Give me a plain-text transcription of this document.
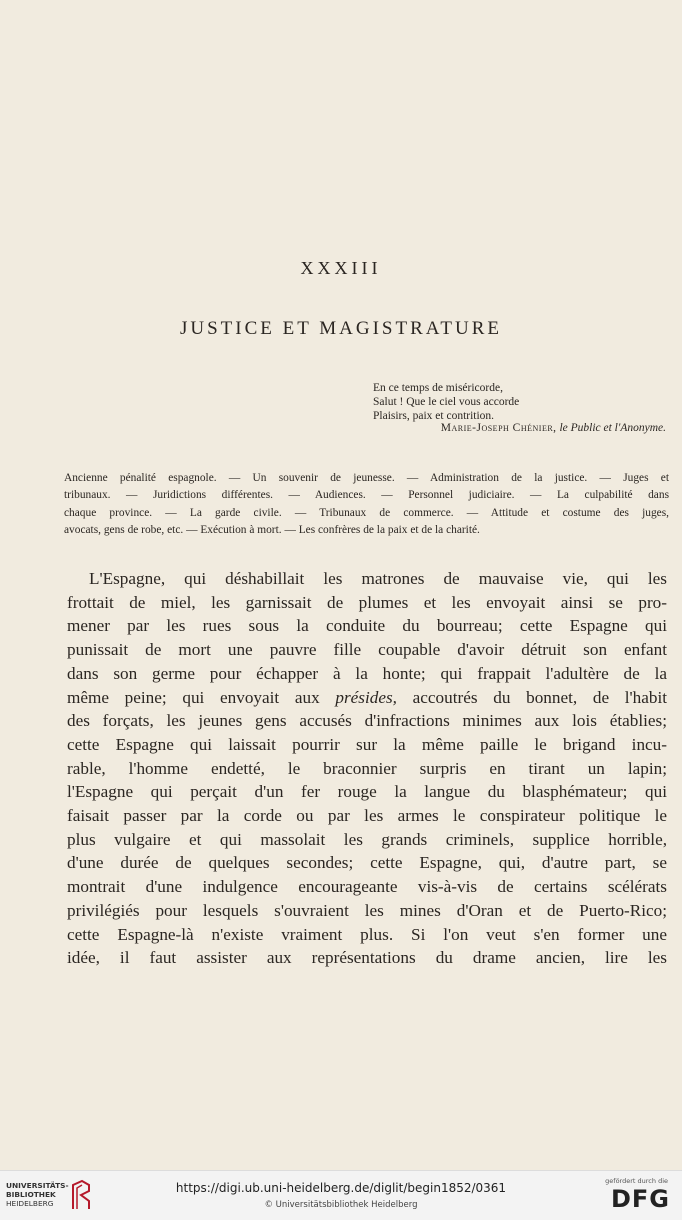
XXXIII
JUSTICE ET MAGISTRATURE
En ce temps de miséricorde,
Salut ! Que le ciel vous accorde
Plaisirs, paix et contrition.
Marie-Joseph Chénier, le Public et l'Anonyme.
Ancienne pénalité espagnole. — Un souvenir de jeunesse. — Administration de la justice. — Juges et
tribunaux. — Juridictions différentes. — Audiences. — Personnel judiciaire. — La culpabilité dans
chaque province. — La garde civile. — Tribunaux de commerce. — Attitude et costume des juges,
avocats, gens de robe, etc. — Exécution à mort. — Les confrères de la paix et de la charité.
L'Espagne, qui déshabillait les matrones de mauvaise vie, qui les
frottait de miel, les garnissait de plumes et les envoyait ainsi se pro-
mener par les rues sous la conduite du bourreau; cette Espagne qui
punissait de mort une pauvre fille coupable d'avoir détruit son enfant
dans son germe pour échapper à la honte; qui frappait l'adultère de la
même peine; qui envoyait aux présides, accoutrés du bonnet, de l'habit
des forçats, les jeunes gens accusés d'infractions minimes aux lois établies;
cette Espagne qui laissait pourrir sur la même paille le brigand incu-
rable, l'homme endetté, le braconnier surpris en tirant un lapin;
l'Espagne qui perçait d'un fer rouge la langue du blasphémateur; qui
faisait passer par la corde ou par les armes le conspirateur politique le
plus vulgaire et qui massolait les grands criminels, supplice horrible,
d'une durée de quelques secondes; cette Espagne, qui, d'autre part, se
montrait d'une indulgence encourageante vis-à-vis de certains scélérats
privilégiés pour lesquels s'ouvraient les mines d'Oran et de Puerto-Rico;
cette Espagne-là n'existe vraiment plus. Si l'on veut s'en former une
idée, il faut assister aux représentations du drame ancien, lire les
UNIVERSITÄTS-
BIBLIOTHEK
HEIDELBERG
https://digi.ub.uni-heidelberg.de/diglit/begin1852/0361
© Universitätsbibliothek Heidelberg
gefördert durch die
DFG
